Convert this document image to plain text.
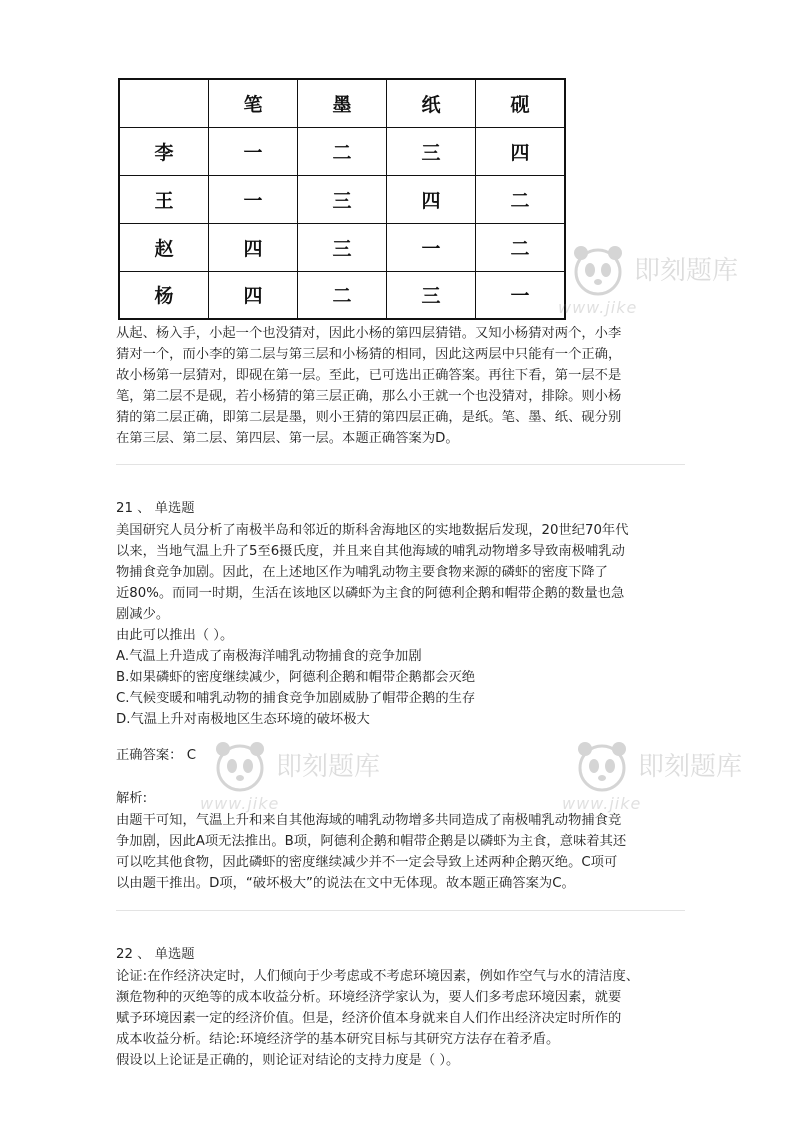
	笔	墨	纸	砚
李	一	二	三	四
王	一	三	四	二
赵	四	三	一	二
杨	四	二	三	一
从起、杨入手，小起一个也没猜对，因此小杨的第四层猜错。又知小杨猜对两个，小李
猜对一个，而小李的第二层与第三层和小杨猜的相同，因此这两层中只能有一个正确，
故小杨第一层猜对，即砚在第一层。至此，已可选出正确答案。再往下看，第一层不是
笔，第二层不是砚，若小杨猜的第三层正确，那么小王就一个也没猜对，排除。则小杨
猜的第二层正确，即第二层是墨，则小王猜的第四层正确，是纸。笔、墨、纸、砚分别
在第三层、第二层、第四层、第一层。本题正确答案为D。
21 、 单选题
美国研究人员分析了南极半岛和邻近的斯科舍海地区的实地数据后发现，20世纪70年代
以来，当地气温上升了5至6摄氏度，并且来自其他海域的哺乳动物增多导致南极哺乳动
物捕食竞争加剧。因此，在上述地区作为哺乳动物主要食物来源的磷虾的密度下降了
近80%。而同一时期，生活在该地区以磷虾为主食的阿德利企鹅和帽带企鹅的数量也急
剧减少。
由此可以推出（ ）。
A.气温上升造成了南极海洋哺乳动物捕食的竞争加剧
B.如果磷虾的密度继续减少，阿德利企鹅和帽带企鹅都会灭绝
C.气候变暖和哺乳动物的捕食竞争加剧威胁了帽带企鹅的生存
D.气温上升对南极地区生态环境的破坏极大
正确答案： C
解析:
由题干可知，气温上升和来自其他海域的哺乳动物增多共同造成了南极哺乳动物捕食竞
争加剧，因此A项无法推出。B项，阿德利企鹅和帽带企鹅是以磷虾为主食，意味着其还
可以吃其他食物，因此磷虾的密度继续减少并不一定会导致上述两种企鹅灭绝。C项可
以由题干推出。D项，“破坏极大”的说法在文中无体现。故本题正确答案为C。
22 、 单选题
论证:在作经济决定时，人们倾向于少考虑或不考虑环境因素，例如作空气与水的清洁度、
濒危物种的灭绝等的成本收益分析。环境经济学家认为，要人们多考虑环境因素，就要
赋予环境因素一定的经济价值。但是，经济价值本身就来自人们作出经济决定时所作的
成本收益分析。结论:环境经济学的基本研究目标与其研究方法存在着矛盾。
假设以上论证是正确的，则论证对结论的支持力度是（ ）。
即刻题库
www.jike
即刻题库
www.jike
即刻题库
www.jike
